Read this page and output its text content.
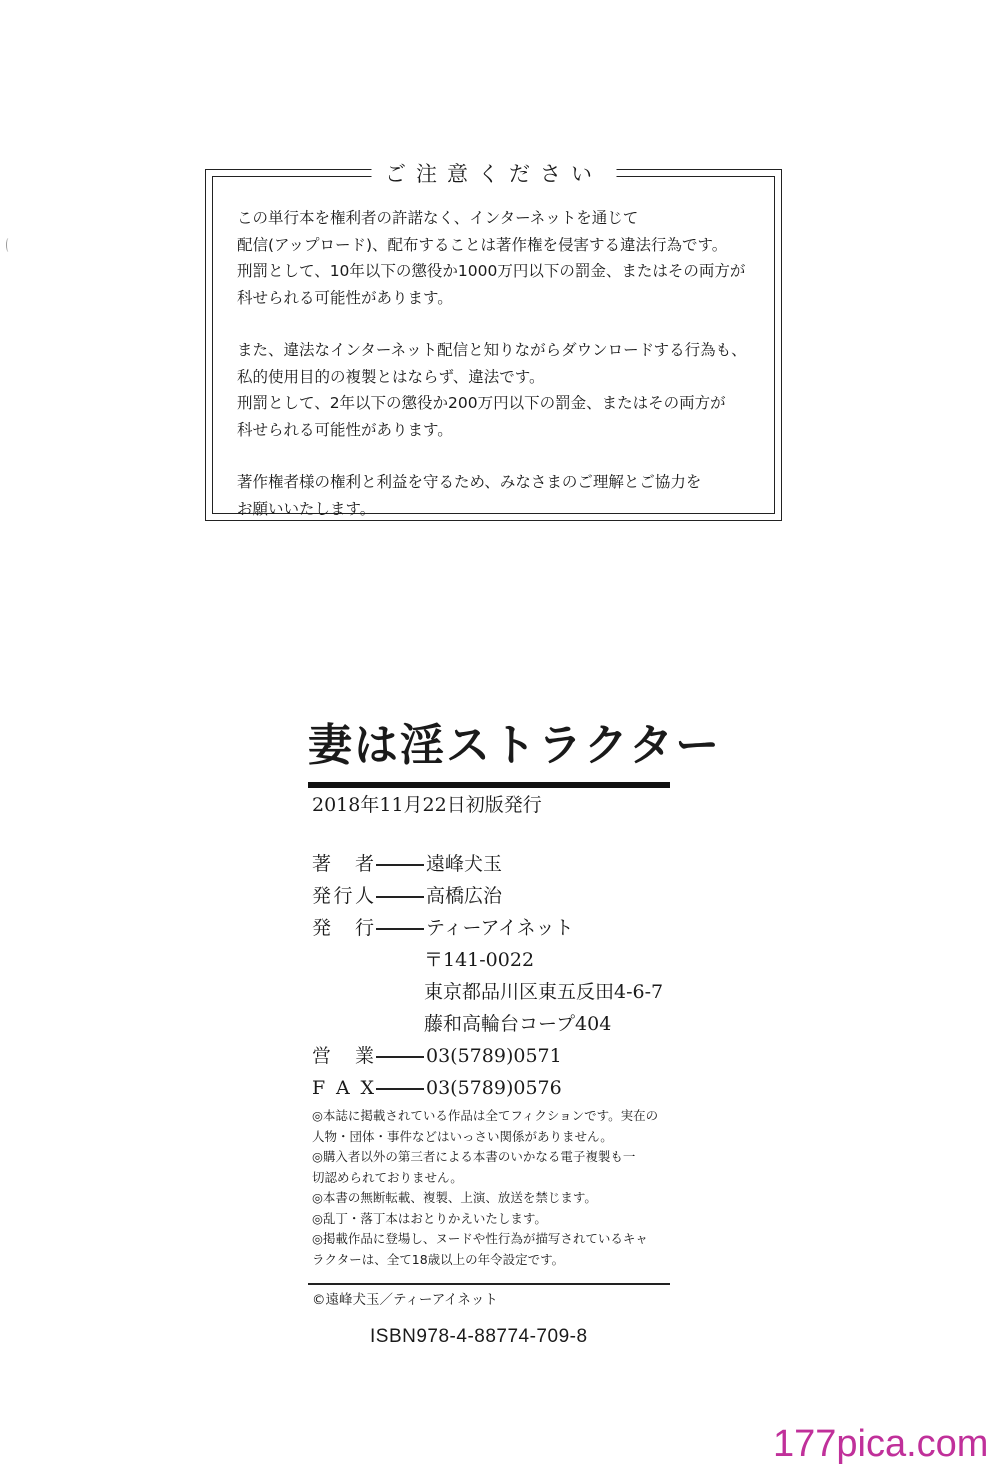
ご注意ください
この単行本を権利者の許諾なく、インターネットを通じて
配信(アップロード)、配布することは著作権を侵害する違法行為です。
刑罰として、10年以下の懲役か1000万円以下の罰金、またはその両方が
科せられる可能性があります。
また、違法なインターネット配信と知りながらダウンロードする行為も、
私的使用目的の複製とはならず、違法です。
刑罰として、2年以下の懲役か200万円以下の罰金、またはその両方が
科せられる可能性があります。
著作権者様の権利と利益を守るため、みなさまのご理解とご協力を
お願いいたします。
妻は淫ストラクター
2018年11月22日初版発行
著　者	遠峰犬玉
発行人	高橋広治
発　行	ティーアイネット
〒141-0022
東京都品川区東五反田4-6-7
藤和高輪台コープ404
営　業	03(5789)0571
F A X	03(5789)0576
◎本誌に掲載されている作品は全てフィクションです。実在の
人物・団体・事件などはいっさい関係がありません。
◎購入者以外の第三者による本書のいかなる電子複製も一
切認められておりません。
◎本書の無断転載、複製、上演、放送を禁じます。
◎乱丁・落丁本はおとりかえいたします。
◎掲載作品に登場し、ヌードや性行為が描写されているキャ
ラクターは、全て18歳以上の年令設定です。
©遠峰犬玉／ティーアイネット
ISBN978-4-88774-709-8
177pica.com
